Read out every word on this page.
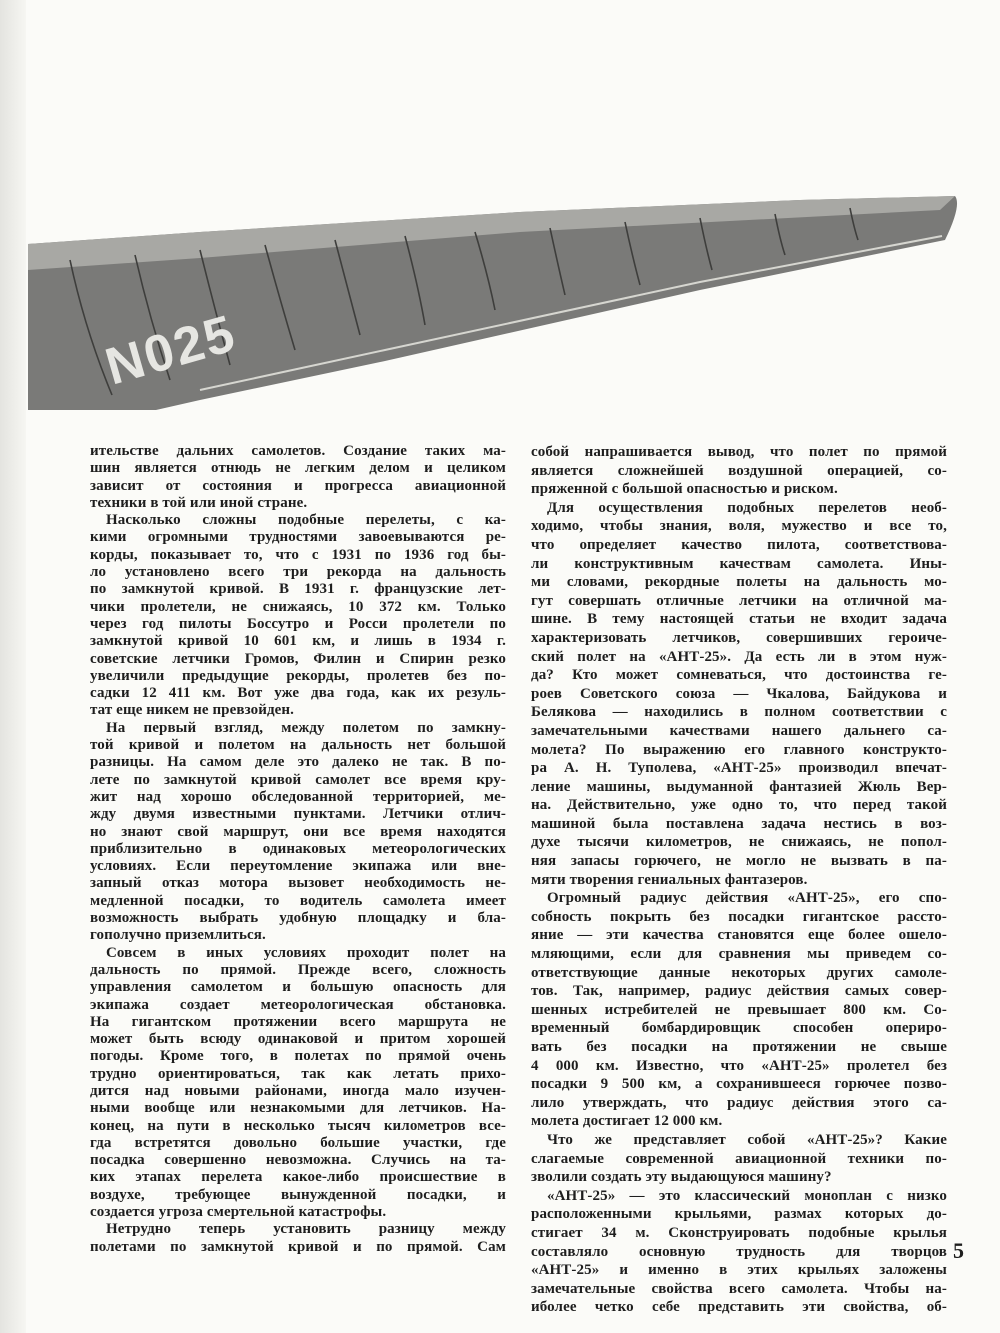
N025
ительстве дальних самолетов. Создание таких ма-
шин является отнюдь не легким делом и целиком
зависит от состояния и прогресса авиационной
техники в той или иной стране.
Насколько сложны подобные перелеты, с ка-
кими огромными трудностями завоевываются ре-
корды, показывает то, что с 1931 по 1936 год бы-
ло установлено всего три рекорда на дальность
по замкнутой кривой. В 1931 г. французские лет-
чики пролетели, не снижаясь, 10 372 км. Только
через год пилоты Боссутро и Росси пролетели по
замкнутой кривой 10 601 км, и лишь в 1934 г.
советские летчики Громов, Филин и Спирин резко
увеличили предыдущие рекорды, пролетев без по-
садки 12 411 км. Вот уже два года, как их резуль-
тат еще никем не превзойден.
На первый взгляд, между полетом по замкну-
той кривой и полетом на дальность нет большой
разницы. На самом деле это далеко не так. В по-
лете по замкнутой кривой самолет все время кру-
жит над хорошо обследованной территорией, ме-
жду двумя известными пунктами. Летчики отлич-
но знают свой маршрут, они все время находятся
приблизительно в одинаковых метеорологических
условиях. Если переутомление экипажа или вне-
запный отказ мотора вызовет необходимость не-
медленной посадки, то водитель самолета имеет
возможность выбрать удобную площадку и бла-
гополучно приземлиться.
Совсем в иных условиях проходит полет на
дальность по прямой. Прежде всего, сложность
управления самолетом и большую опасность для
экипажа создает метеорологическая обстановка.
На гигантском протяжении всего маршрута не
может быть всюду одинаковой и притом хорошей
погоды. Кроме того, в полетах по прямой очень
трудно ориентироваться, так как летать прихо-
дится над новыми районами, иногда мало изучен-
ными вообще или незнакомыми для летчиков. На-
конец, на пути в несколько тысяч километров все-
гда встретятся довольно большие участки, где
посадка совершенно невозможна. Случись на та-
ких этапах перелета какое-либо происшествие в
воздухе, требующее вынужденной посадки, и
создается угроза смертельной катастрофы.
Нетрудно теперь установить разницу между
полетами по замкнутой кривой и по прямой. Сам
собой напрашивается вывод, что полет по прямой
является сложнейшей воздушной операцией, со-
пряженной с большой опасностью и риском.
Для осуществления подобных перелетов необ-
ходимо, чтобы знания, воля, мужество и все то,
что определяет качество пилота, соответствова-
ли конструктивным качествам самолета. Ины-
ми словами, рекордные полеты на дальность мо-
гут совершать отличные летчики на отличной ма-
шине. В тему настоящей статьи не входит задача
характеризовать летчиков, совершивших герoиче-
ский полет на «АНТ-25». Да есть ли в этом нуж-
да? Кто может сомневаться, что достоинства ге-
роев Советского союза — Чкалова, Байдукова и
Белякова — находились в полном соответствии с
замечательными качествами нашего дальнего са-
молета? По выражению его главного конструкто-
ра А. Н. Туполева, «АНТ-25» производил впечат-
ление машины, выдуманной фантазией Жюль Вер-
на. Действительно, уже одно то, что перед такой
машиной была поставлена задача нестись в воз-
духе тысячи километров, не снижаясь, не попол-
няя запасы горючего, не могло не вызвать в па-
мяти творения гениальных фантазеров.
Огромный радиус действия «АНТ-25», его спо-
собность покрыть без посадки гигантское рассто-
яние — эти качества становятся еще более ошело-
мляющими, если для сравнения мы приведем со-
ответствующие данные некоторых других самоле-
тов. Так, например, радиус действия самых совер-
шенных истребителей не превышает 800 км. Со-
временный бомбардировщик способен опериро-
вать без посадки на протяжении не свыше
4 000 км. Известно, что «АНТ-25» пролетел без
посадки 9 500 км, а сохранившееся горючее позво-
лило утверждать, что радиус действия этого са-
молета достигает 12 000 км.
Что же представляет собой «АНТ-25»? Какие
слагаемые современной авиационной техники по-
зволили создать эту выдающуюся машину?
«АНТ-25» — это классический моноплан с низко
расположенными крыльями, размах которых до-
стигает 34 м. Сконструировать подобные крылья
составляло основную трудность для творцов
«АНТ-25» и именно в этих крыльях заложены
замечательные свойства всего самолета. Чтобы на-
иболее четко себе представить эти свойства, об-
5
